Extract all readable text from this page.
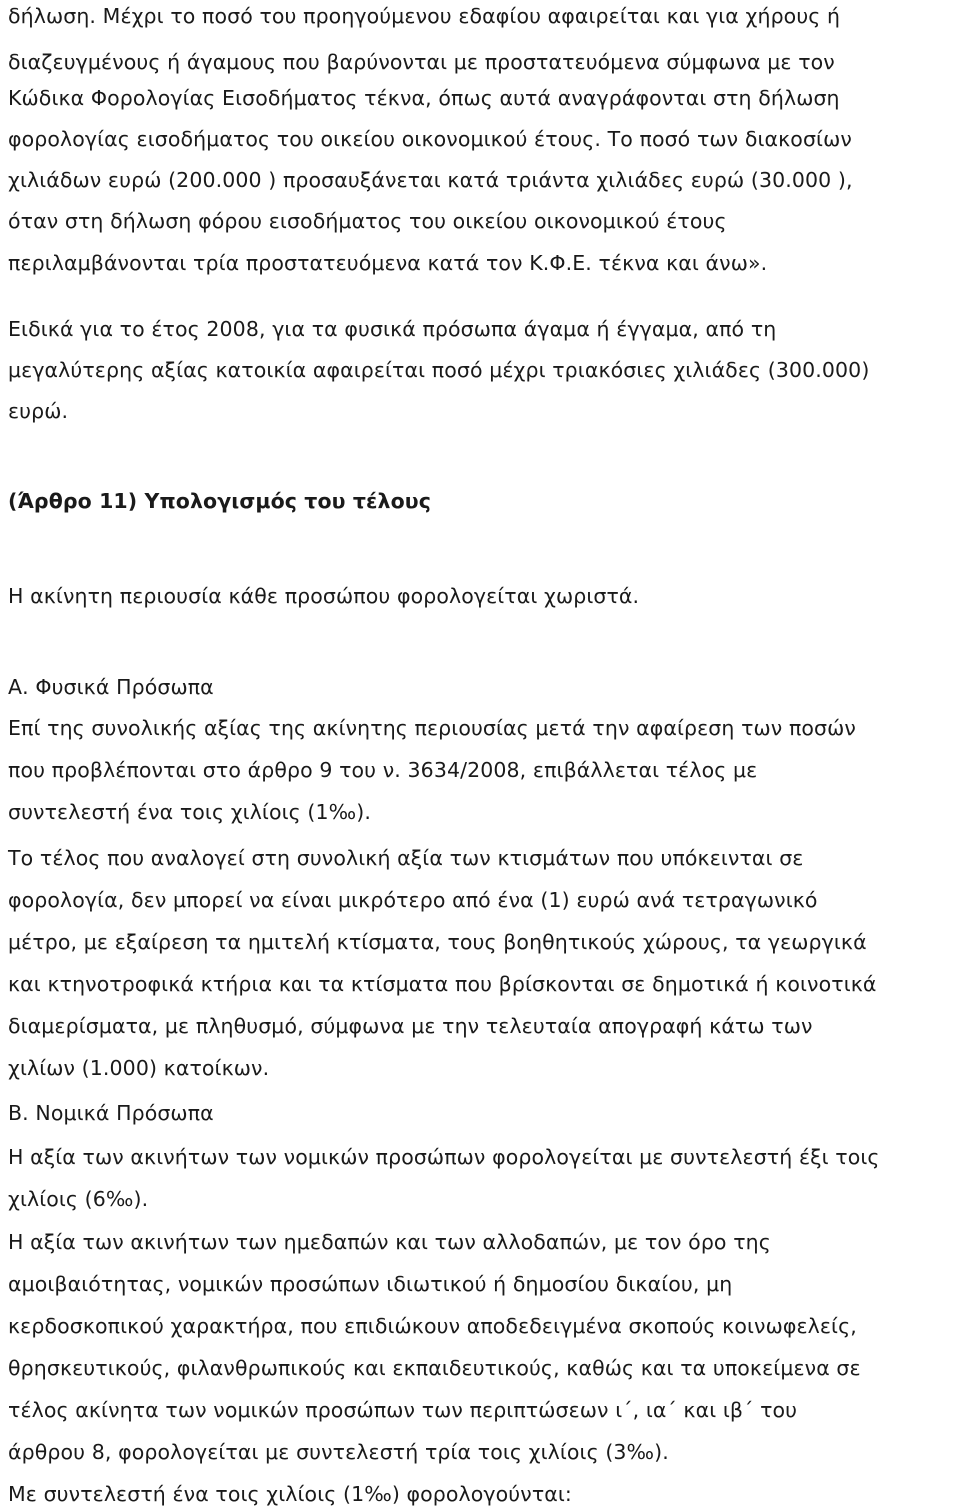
δήλωση. Μέχρι το ποσό του προηγούμενου εδαφίου αφαιρείται και για χήρους ή
διαζευγμένους ή άγαμους που βαρύνονται με προστατευόμενα σύμφωνα με τον
Κώδικα Φορολογίας Εισοδήματος τέκνα, όπως αυτά αναγράφονται στη δήλωση
φορολογίας εισοδήματος του οικείου οικονομικού έτους. Το ποσό των διακοσίων
χιλιάδων ευρώ (200.000 ) προσαυξάνεται κατά τριάντα χιλιάδες ευρώ (30.000 ),
όταν στη δήλωση φόρου εισοδήματος του οικείου οικονομικού έτους
περιλαμβάνονται τρία προστατευόμενα κατά τον Κ.Φ.Ε. τέκνα και άνω».
Ειδικά για το έτος 2008, για τα φυσικά πρόσωπα άγαμα ή έγγαμα, από τη
μεγαλύτερης αξίας κατοικία αφαιρείται ποσό μέχρι τριακόσιες χιλιάδες (300.000)
ευρώ.
(Άρθρο 11) Υπολογισμός του τέλους
Η ακίνητη περιουσία κάθε προσώπου φορολογείται χωριστά.
Α. Φυσικά Πρόσωπα
Επί της συνολικής αξίας της ακίνητης περιουσίας μετά την αφαίρεση των ποσών
που προβλέπονται στο άρθρο 9 του ν. 3634/2008, επιβάλλεται τέλος με
συντελεστή ένα τοις χιλίοις (1‰).
Το τέλος που αναλογεί στη συνολική αξία των κτισμάτων που υπόκεινται σε
φορολογία, δεν μπορεί να είναι μικρότερο από ένα (1) ευρώ ανά τετραγωνικό
μέτρο, με εξαίρεση τα ημιτελή κτίσματα, τους βοηθητικούς χώρους, τα γεωργικά
και κτηνοτροφικά κτήρια και τα κτίσματα που βρίσκονται σε δημοτικά ή κοινοτικά
διαμερίσματα, με πληθυσμό, σύμφωνα με την τελευταία απογραφή κάτω των
χιλίων (1.000) κατοίκων.
Β. Νομικά Πρόσωπα
Η αξία των ακινήτων των νομικών προσώπων φορολογείται με συντελεστή έξι τοις
χιλίοις (6‰).
Η αξία των ακινήτων των ημεδαπών και των αλλοδαπών, με τον όρο της
αμοιβαιότητας, νομικών προσώπων ιδιωτικού ή δημοσίου δικαίου, μη
κερδοσκοπικού χαρακτήρα, που επιδιώκουν αποδεδειγμένα σκοπούς κοινωφελείς,
θρησκευτικούς, φιλανθρωπικούς και εκπαιδευτικούς, καθώς και τα υποκείμενα σε
τέλος ακίνητα των νομικών προσώπων των περιπτώσεων ι΄, ια΄ και ιβ΄ του
άρθρου 8, φορολογείται με συντελεστή τρία τοις χιλίοις (3‰).
Με συντελεστή ένα τοις χιλίοις (1‰) φορολογούνται:
